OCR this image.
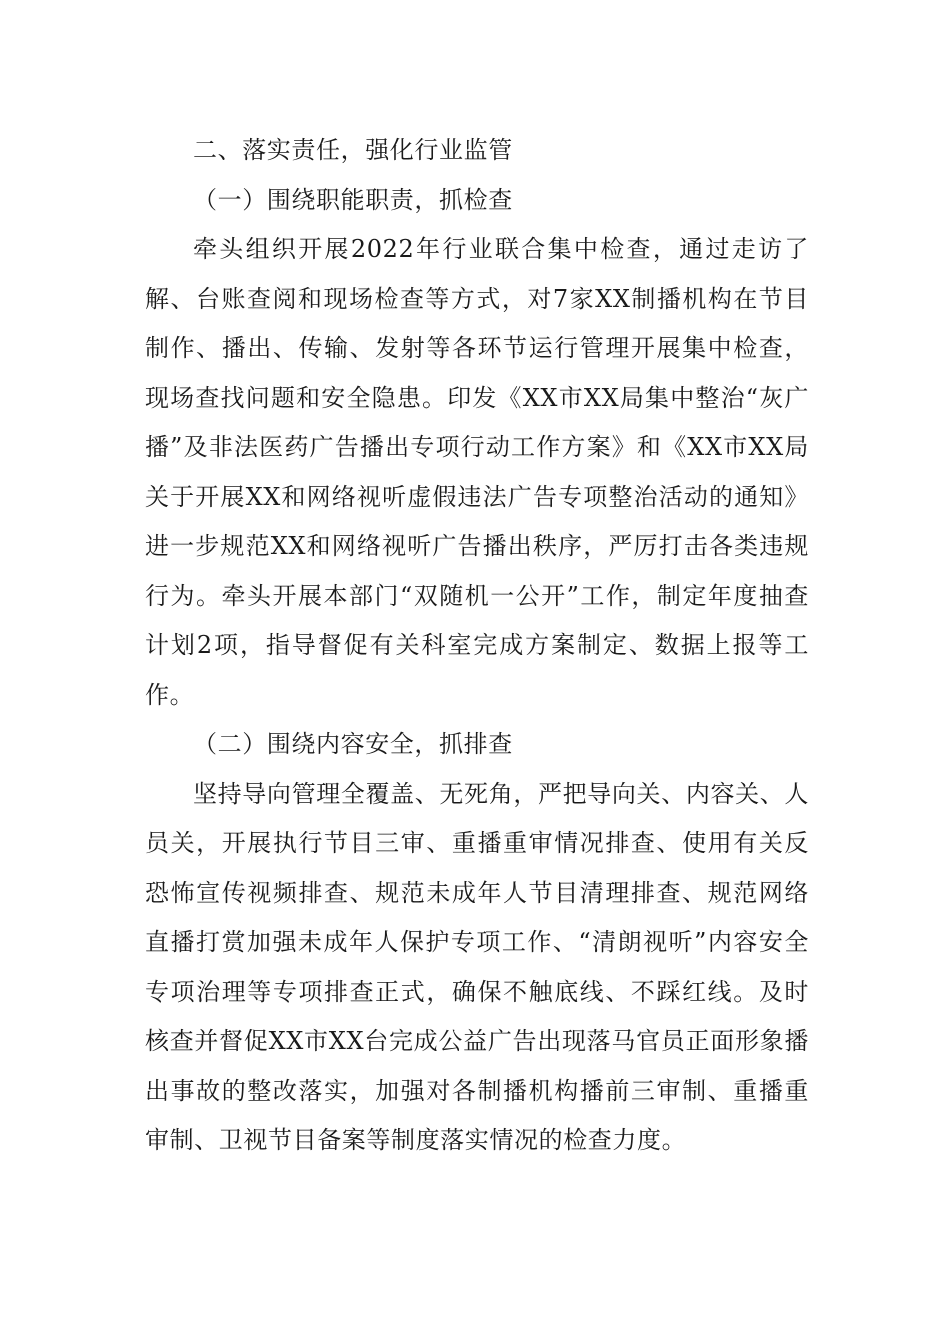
二、落实责任，强化行业监管

（一）围绕职能职责，抓检查

牵头组织开展2022年行业联合集中检查，通过走访了解、台账查阅和现场检查等方式，对7家XX制播机构在节目制作、播出、传输、发射等各环节运行管理开展集中检查，现场查找问题和安全隐患。印发《XX市XX局集中整治“灰广播”及非法医药广告播出专项行动工作方案》和《XX市XX局关于开展XX和网络视听虚假违法广告专项整治活动的通知》进一步规范XX和网络视听广告播出秩序，严厉打击各类违规行为。牵头开展本部门“双随机一公开”工作，制定年度抽查计划2项，指导督促有关科室完成方案制定、数据上报等工作。

（二）围绕内容安全，抓排查

坚持导向管理全覆盖、无死角，严把导向关、内容关、人员关，开展执行节目三审、重播重审情况排查、使用有关反恐怖宣传视频排查、规范未成年人节目清理排查、规范网络直播打赏加强未成年人保护专项工作、“清朗视听”内容安全专项治理等专项排查正式，确保不触底线、不踩红线。及时核查并督促XX市XX台完成公益广告出现落马官员正面形象播出事故的整改落实，加强对各制播机构播前三审制、重播重审制、卫视节目备案等制度落实情况的检查力度。
